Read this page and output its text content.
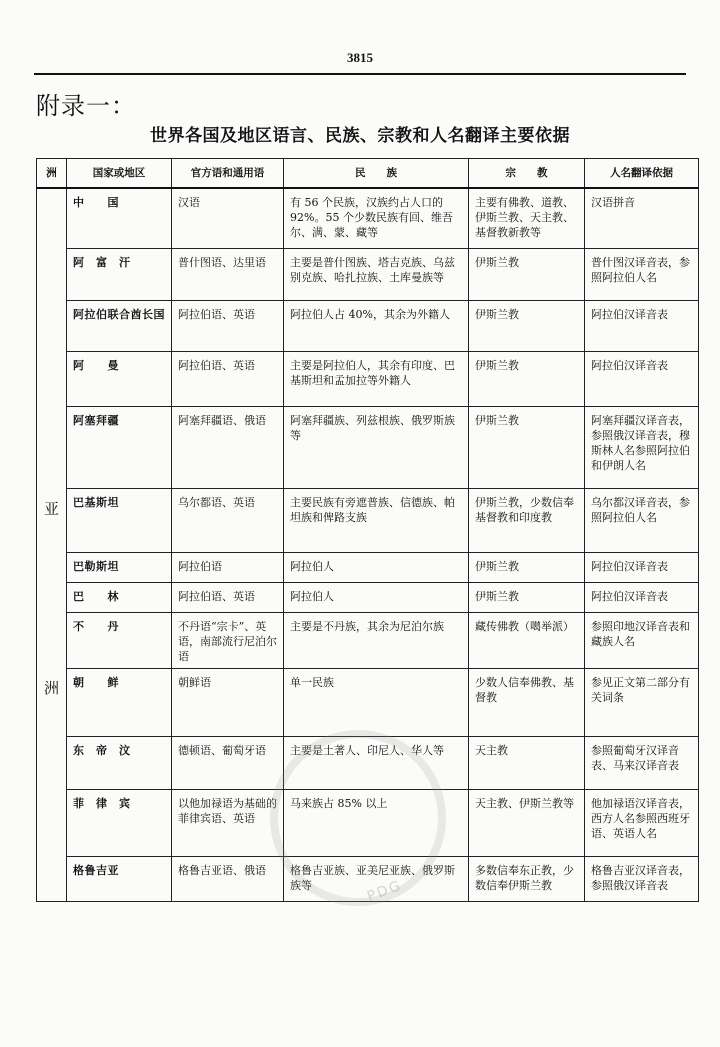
3815
附录一：
世界各国及地区语言、民族、宗教和人名翻译主要依据
洲	国家或地区	官方语和通用语	民　　族	宗　　教	人名翻译依据

亚
洲	中　　国	汉语	有 56 个民族，汉族约占人口的 92%。55 个少数民族有回、维吾尔、满、蒙、藏等	主要有佛教、道教、伊斯兰教、天主教、基督教新教等	汉语拼音
	阿　富　汗	普什图语、达里语	主要是普什图族、塔吉克族、乌兹别克族、哈扎拉族、土库曼族等	伊斯兰教	普什图汉译音表，参照阿拉伯人名
	阿拉伯联合酋长国	阿拉伯语、英语	阿拉伯人占 40%，其余为外籍人	伊斯兰教	阿拉伯汉译音表
	阿　　曼	阿拉伯语、英语	主要是阿拉伯人，其余有印度、巴基斯坦和孟加拉等外籍人	伊斯兰教	阿拉伯汉译音表
	阿塞拜疆	阿塞拜疆语、俄语	阿塞拜疆族、列兹根族、俄罗斯族等	伊斯兰教	阿塞拜疆汉译音表，参照俄汉译音表，穆斯林人名参照阿拉伯和伊朗人名
	巴基斯坦	乌尔都语、英语	主要民族有旁遮普族、信德族、帕坦族和俾路支族	伊斯兰教，少数信奉基督教和印度教	乌尔都汉译音表，参照阿拉伯人名
	巴勒斯坦	阿拉伯语	阿拉伯人	伊斯兰教	阿拉伯汉译音表
	巴　　林	阿拉伯语、英语	阿拉伯人	伊斯兰教	阿拉伯汉译音表
	不　　丹	不丹语“宗卡”、英语，南部流行尼泊尔语	主要是不丹族，其余为尼泊尔族	藏传佛教（噶举派）	参照印地汉译音表和藏族人名
	朝　　鲜	朝鲜语	单一民族	少数人信奉佛教、基督教	参见正文第二部分有关词条
	东　帝　汶	德顿语、葡萄牙语	主要是土著人、印尼人、华人等	天主教	参照葡萄牙汉译音表、马来汉译音表
	菲　律　宾	以他加禄语为基础的菲律宾语、英语	马来族占 85% 以上	天主教、伊斯兰教等	他加禄语汉译音表，西方人名参照西班牙语、英语人名
	格鲁吉亚	格鲁吉亚语、俄语	格鲁吉亚族、亚美尼亚族、俄罗斯族等	多数信奉东正教，少数信奉伊斯兰教	格鲁吉亚汉译音表，参照俄汉译音表
PDG
